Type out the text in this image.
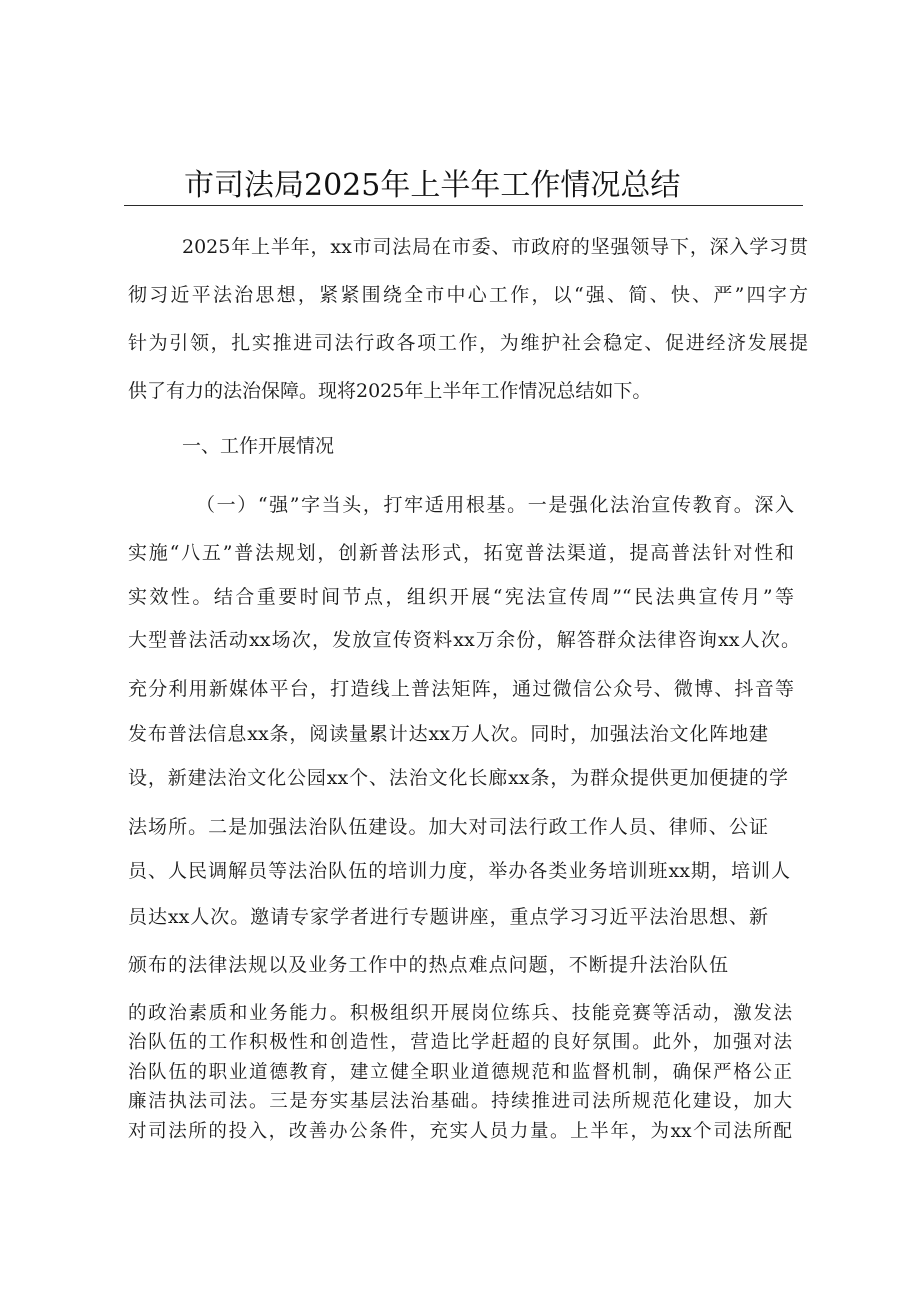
市司法局2025年上半年工作情况总结
2025年上半年，xx市司法局在市委、市政府的坚强领导下，深入学习贯
彻习近平法治思想，紧紧围绕全市中心工作，以“强、简、快、严”四字方
针为引领，扎实推进司法行政各项工作，为维护社会稳定、促进经济发展提
供了有力的法治保障。现将2025年上半年工作情况总结如下。
一、工作开展情况
（一）“强”字当头，打牢适用根基。一是强化法治宣传教育。深入
实施“八五”普法规划，创新普法形式，拓宽普法渠道，提高普法针对性和
实效性。结合重要时间节点，组织开展“宪法宣传周”“民法典宣传月”等
大型普法活动xx场次，发放宣传资料xx万余份，解答群众法律咨询xx人次。
充分利用新媒体平台，打造线上普法矩阵，通过微信公众号、微博、抖音等
发布普法信息xx条，阅读量累计达xx万人次。同时，加强法治文化阵地建
设，新建法治文化公园xx个、法治文化长廊xx条，为群众提供更加便捷的学
法场所。二是加强法治队伍建设。加大对司法行政工作人员、律师、公证
员、人民调解员等法治队伍的培训力度，举办各类业务培训班xx期，培训人
员达xx人次。邀请专家学者进行专题讲座，重点学习习近平法治思想、新
颁布的法律法规以及业务工作中的热点难点问题，不断提升法治队伍
的政治素质和业务能力。积极组织开展岗位练兵、技能竞赛等活动，激发法
治队伍的工作积极性和创造性，营造比学赶超的良好氛围。此外，加强对法
治队伍的职业道德教育，建立健全职业道德规范和监督机制，确保严格公正
廉洁执法司法。三是夯实基层法治基础。持续推进司法所规范化建设，加大
对司法所的投入，改善办公条件，充实人员力量。上半年，为xx个司法所配
